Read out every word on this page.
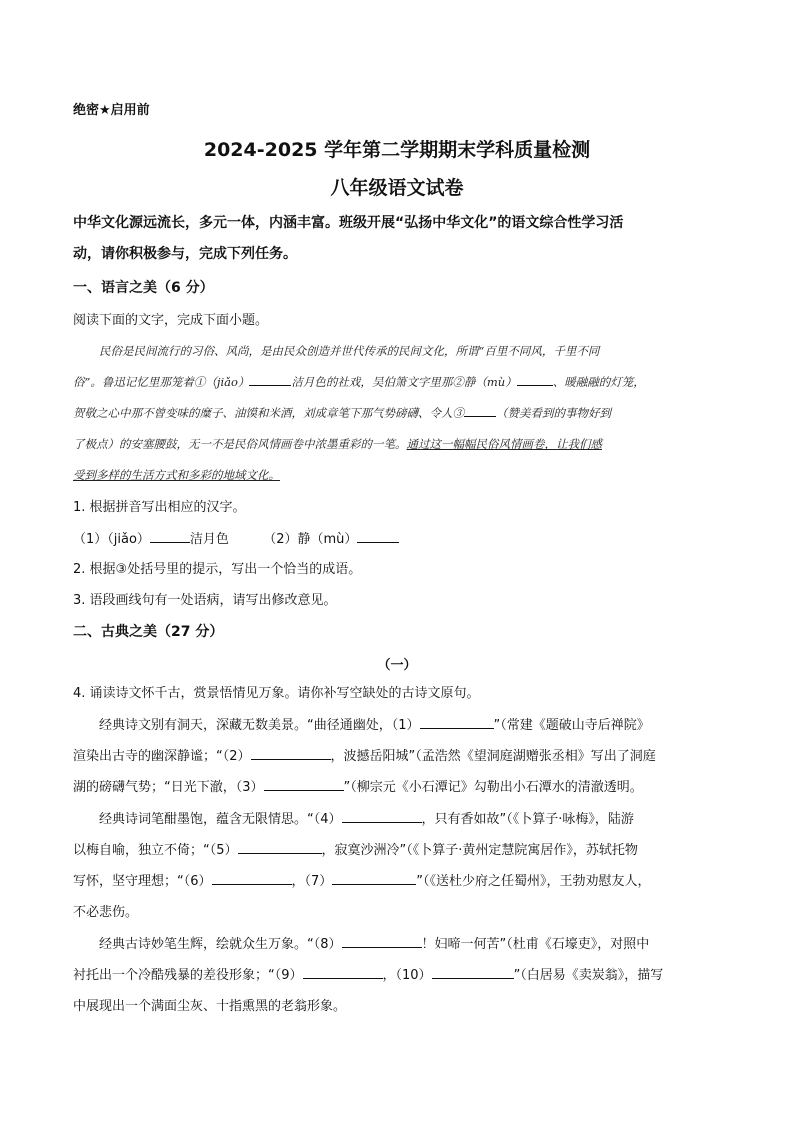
绝密★启用前
2024-2025 学年第二学期期末学科质量检测
八年级语文试卷
中华文化源远流长，多元一体，内涵丰富。班级开展“弘扬中华文化”的语文综合性学习活
动，请你积极参与，完成下列任务。
一、语言之美（6 分）
阅读下面的文字，完成下面小题。
民俗是民间流行的习俗、风尚，是由民众创造并世代传承的民间文化，所谓“百里不同风，千里不同
俗”。鲁迅记忆里那笼着①（jiǎo）	洁月色的社戏，吴伯箫文字里那②静（mù）	、暖融融的灯笼，
贺敬之心中那不曾变味的糜子、油馍和米酒，刘成章笔下那气势磅礴、令人③	（赞美看到的事物好到
了极点）的安塞腰鼓，无一不是民俗风情画卷中浓墨重彩的一笔。通过这一幅幅民俗风情画卷，让我们感
受到多样的生活方式和多彩的地域文化。
1. 根据拼音写出相应的汉字。
（1）（jiǎo）	洁月色	（2）静（mù）
2. 根据③处括号里的提示，写出一个恰当的成语。
3. 语段画线句有一处语病，请写出修改意见。
二、古典之美（27 分）
（一）
4. 诵读诗文怀千古，赏景悟情见万象。请你补写空缺处的古诗文原句。
经典诗文别有洞天，深藏无数美景。“曲径通幽处，（1）	”（常建《题破山寺后禅院》
渲染出古寺的幽深静谧；“（2）	，波撼岳阳城”（孟浩然《望洞庭湖赠张丞相》写出了洞庭
湖的磅礴气势；“日光下澈，（3）	”（柳宗元《小石潭记》勾勒出小石潭水的清澈透明。
经典诗词笔酣墨饱，蕴含无限情思。“（4）	，只有香如故”（《卜算子·咏梅》，陆游
以梅自喻，独立不倚；“（5）	，寂寞沙洲冷”（《卜算子·黄州定慧院寓居作》，苏轼托物
写怀，坚守理想；“（6）	，（7）	”（《送杜少府之任蜀州》，王勃劝慰友人，
不必悲伤。
经典古诗妙笔生辉，绘就众生万象。“（8）	！妇啼一何苦”（杜甫《石壕吏》，对照中
衬托出一个冷酷残暴的差役形象；“（9）	，（10）	”（白居易《卖炭翁》，描写
中展现出一个满面尘灰、十指熏黑的老翁形象。
